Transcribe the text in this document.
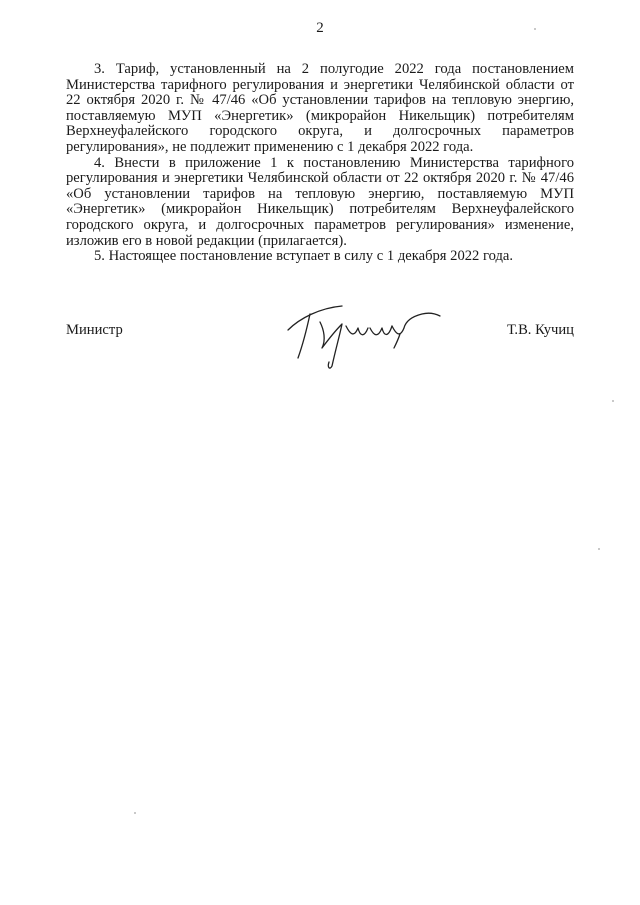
2

3. Тариф, установленный на 2 полугодие 2022 года постановлением Министерства тарифного регулирования и энергетики Челябинской области от 22 октября 2020 г. № 47/46 «Об установлении тарифов на тепловую энергию, поставляемую МУП «Энергетик» (микрорайон Никельщик) потребителям Верхнеуфалейского городского округа, и долгосрочных параметров регулирования», не подлежит применению с 1 декабря 2022 года.

4. Внести в приложение 1 к постановлению Министерства тарифного регулирования и энергетики Челябинской области от 22 октября 2020 г. № 47/46 «Об установлении тарифов на тепловую энергию, поставляемую МУП «Энергетик» (микрорайон Никельщик) потребителям Верхнеуфалейского городского округа, и долгосрочных параметров регулирования» изменение, изложив его в новой редакции (прилагается).

5. Настоящее постановление вступает в силу с 1 декабря 2022 года.

Министр	Т.В. Кучиц
